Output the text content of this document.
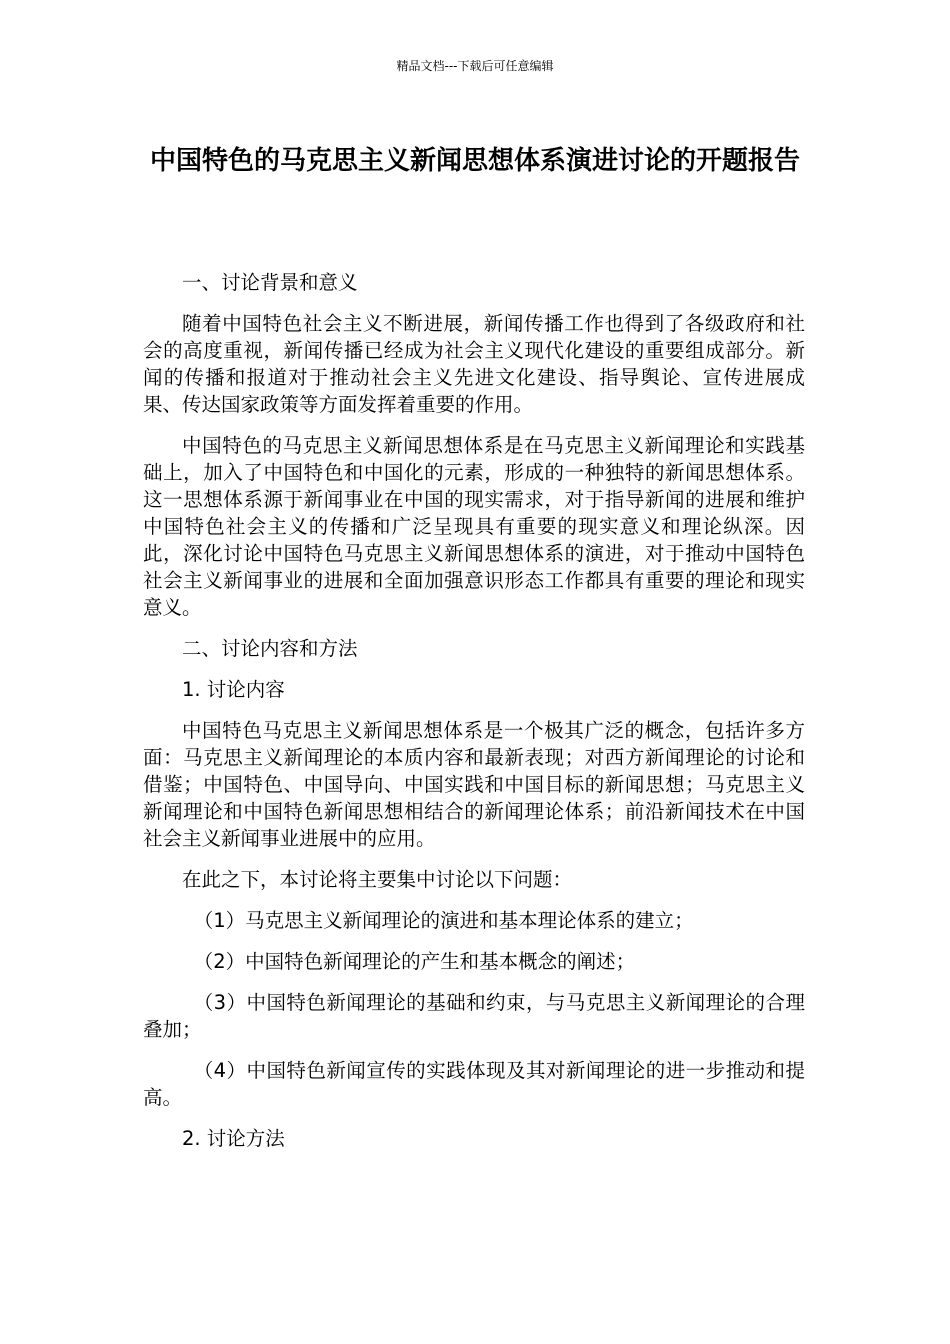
精品文档---下载后可任意编辑
中国特色的马克思主义新闻思想体系演进讨论的开题报告

一、讨论背景和意义

随着中国特色社会主义不断进展，新闻传播工作也得到了各级政府和社会的高度重视，新闻传播已经成为社会主义现代化建设的重要组成部分。新闻的传播和报道对于推动社会主义先进文化建设、指导舆论、宣传进展成果、传达国家政策等方面发挥着重要的作用。

中国特色的马克思主义新闻思想体系是在马克思主义新闻理论和实践基础上，加入了中国特色和中国化的元素，形成的一种独特的新闻思想体系。这一思想体系源于新闻事业在中国的现实需求，对于指导新闻的进展和维护中国特色社会主义的传播和广泛呈现具有重要的现实意义和理论纵深。因此，深化讨论中国特色马克思主义新闻思想体系的演进，对于推动中国特色社会主义新闻事业的进展和全面加强意识形态工作都具有重要的理论和现实意义。

二、讨论内容和方法

1. 讨论内容

中国特色马克思主义新闻思想体系是一个极其广泛的概念，包括许多方面：马克思主义新闻理论的本质内容和最新表现；对西方新闻理论的讨论和借鉴；中国特色、中国导向、中国实践和中国目标的新闻思想；马克思主义新闻理论和中国特色新闻思想相结合的新闻理论体系；前沿新闻技术在中国社会主义新闻事业进展中的应用。

在此之下，本讨论将主要集中讨论以下问题：

（1）马克思主义新闻理论的演进和基本理论体系的建立；

（2）中国特色新闻理论的产生和基本概念的阐述；

（3）中国特色新闻理论的基础和约束，与马克思主义新闻理论的合理叠加；

（4）中国特色新闻宣传的实践体现及其对新闻理论的进一步推动和提高。

2. 讨论方法
